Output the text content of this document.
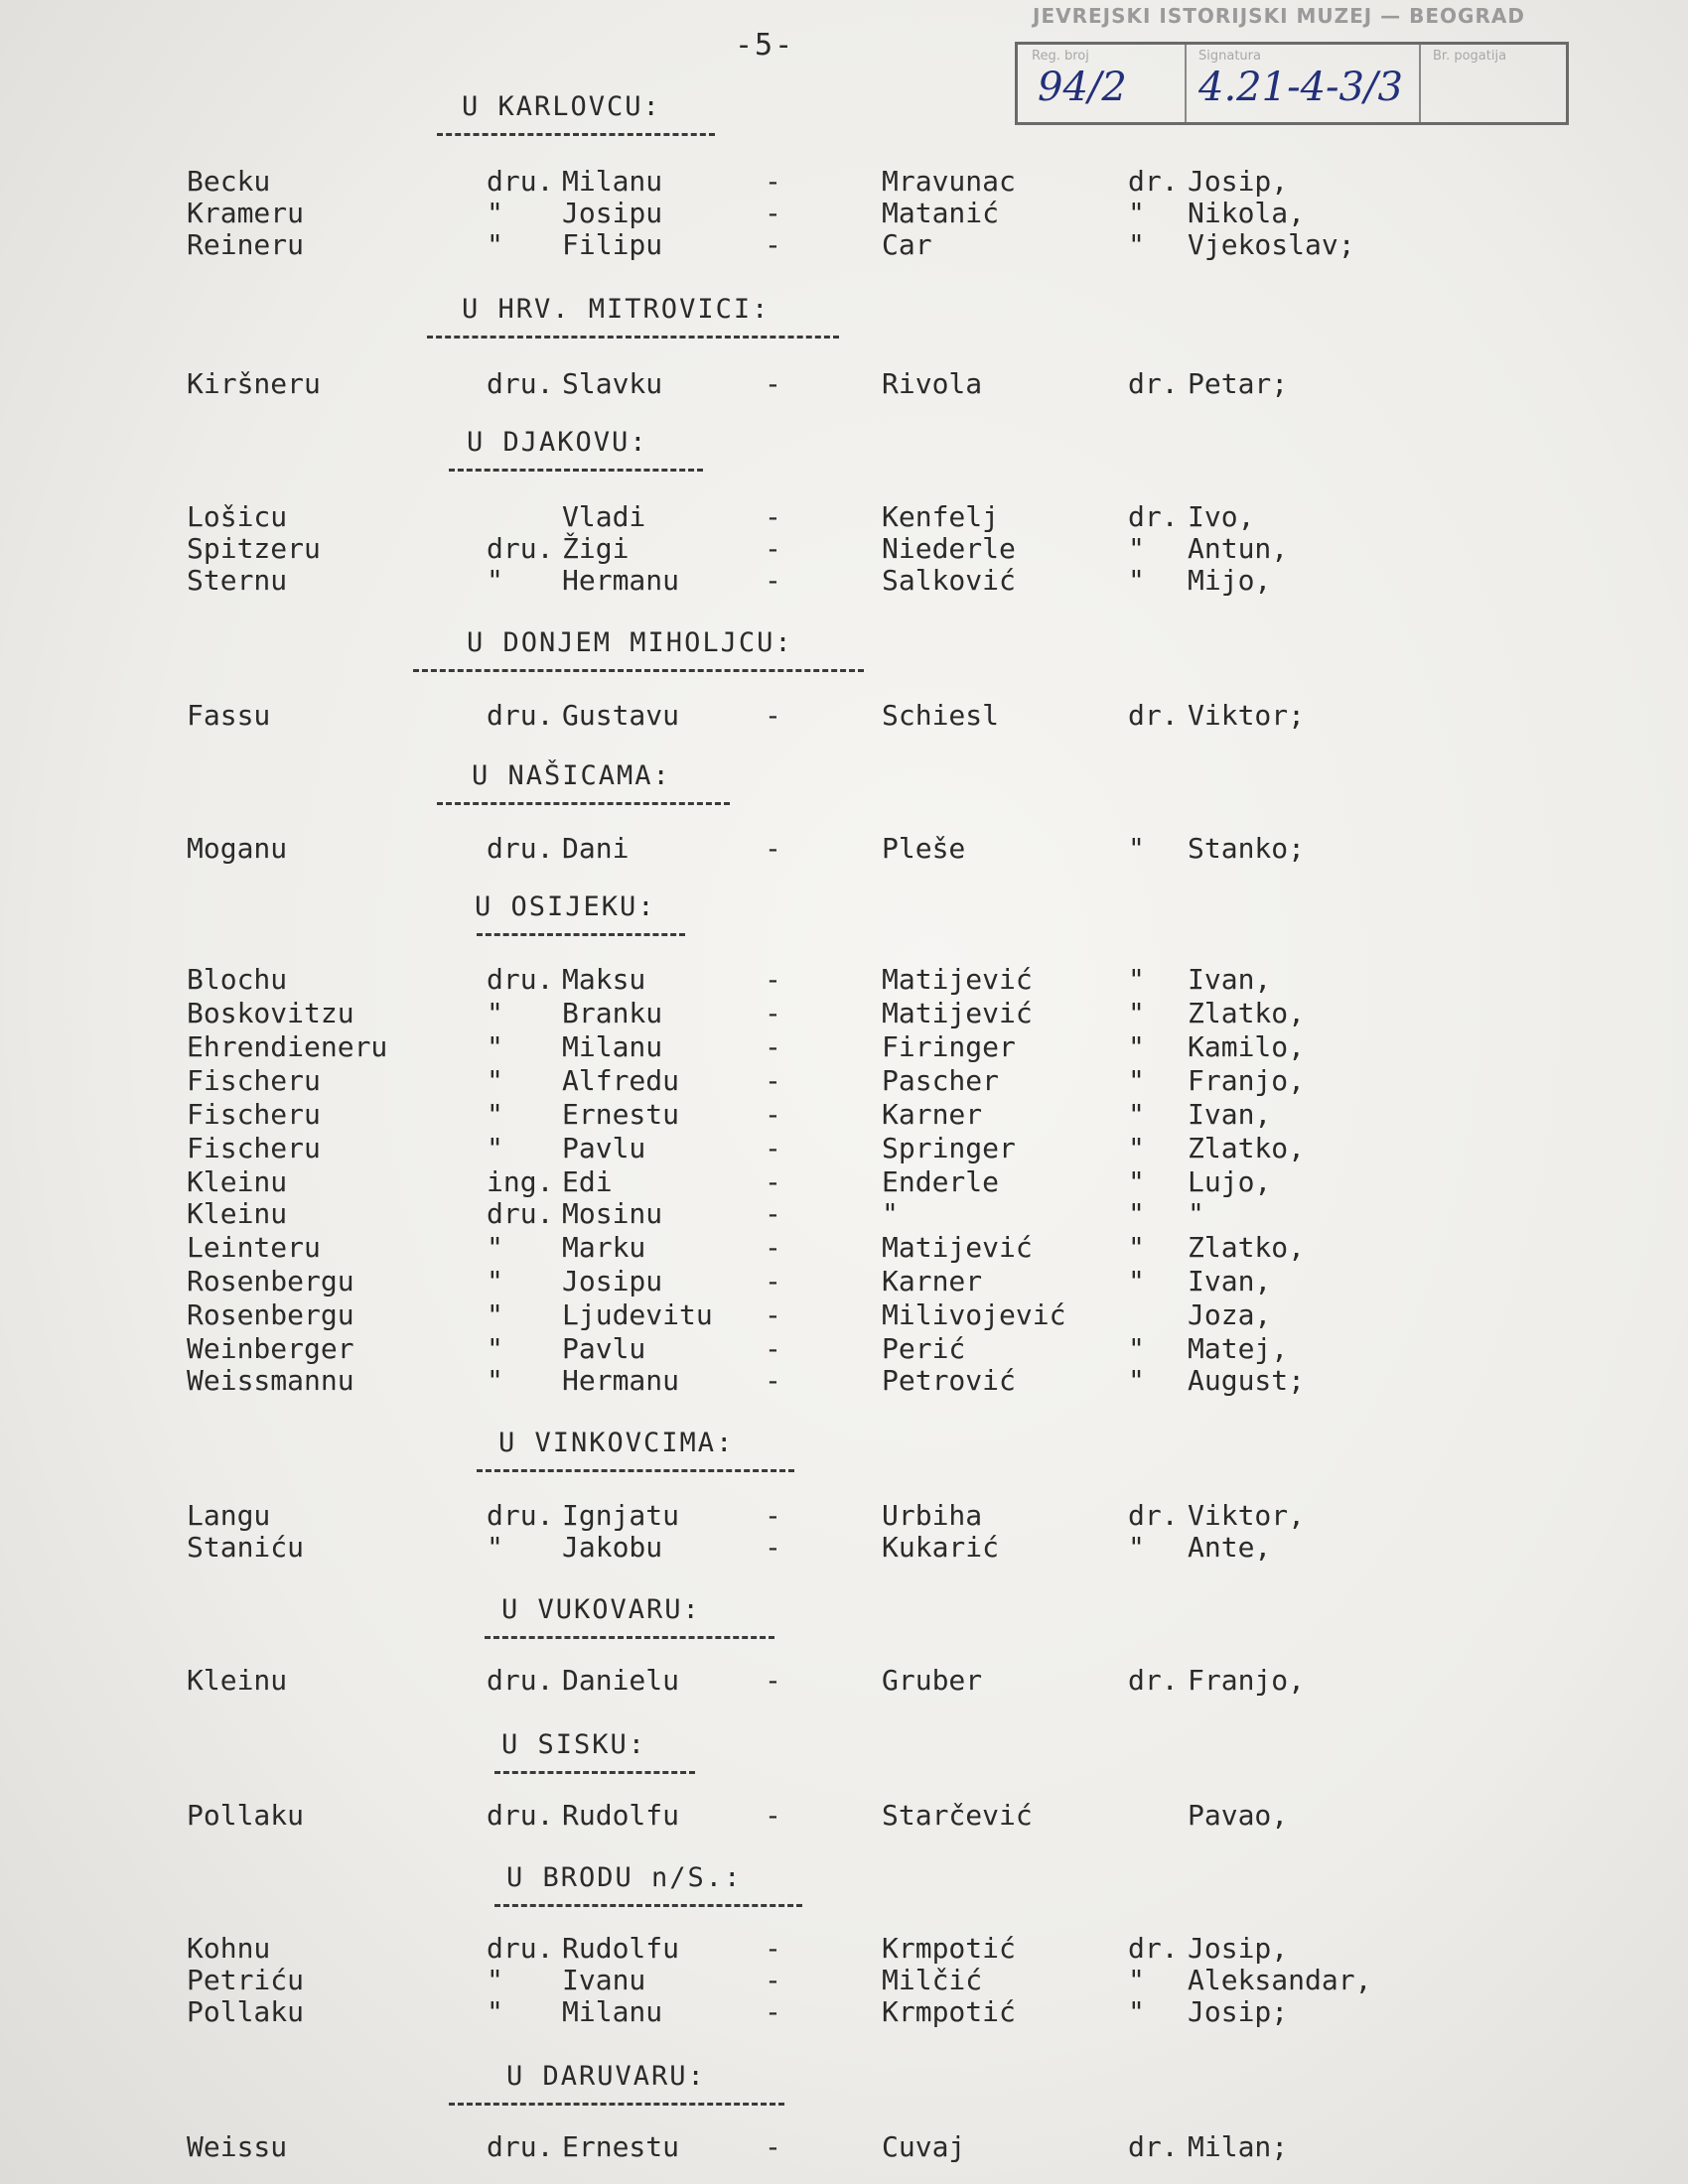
-5-
JEVREJSKI ISTORIJSKI MUZEJ — BEOGRAD
Reg. broj
94/2
Signatura
4.21-4-3/3
Br. pogatija
U KARLOVCU:
Becku	dru. Milanu	-	Mravunac	dr. Josip,
Krameru	" Josipu	-	Matanić	" Nikola,
Reineru	" Filipu	-	Car	" Vjekoslav;
U HRV. MITROVICI:
Kiršneru	dru. Slavku	-	Rivola	dr. Petar;
U DJAKOVU:
Lošicu	Vladi	-	Kenfelj	dr. Ivo,
Spitzeru	dru. Žigi	-	Niederle	" Antun,
Sternu	" Hermanu	-	Salković	" Mijo,
U DONJEM MIHOLJCU:
Fassu	dru. Gustavu	-	Schiesl	dr. Viktor;
U NAŠICAMA:
Moganu	dru. Dani	-	Pleše	" Stanko;
U OSIJEKU:
Blochu	dru. Maksu	-	Matijević	" Ivan,
Boskovitzu	" Branku	-	Matijević	" Zlatko,
Ehrendieneru	" Milanu	-	Firinger	" Kamilo,
Fischeru	" Alfredu	-	Pascher	" Franjo,
Fischeru	" Ernestu	-	Karner	" Ivan,
Fischeru	" Pavlu	-	Springer	" Zlatko,
Kleinu	ing. Edi	-	Enderle	" Lujo,
Kleinu	dru. Mosinu	-	"	" "
Leinteru	" Marku	-	Matijević	" Zlatko,
Rosenbergu	" Josipu	-	Karner	" Ivan,
Rosenbergu	" Ljudevitu -	Milivojević	Joza,
Weinberger	" Pavlu	-	Perić	" Matej,
Weissmannu	" Hermanu	-	Petrović	" August;
U VINKOVCIMA:
Langu	dru. Ignjatu	-	Urbiha	dr. Viktor,
Staniću	" Jakobu	-	Kukarić	" Ante,
U VUKOVARU:
Kleinu	dru. Danielu	-	Gruber	dr. Franjo,
U SISKU:
Pollaku	dru. Rudolfu	-	Starčević	Pavao,
U BRODU n/S.:
Kohnu	dru. Rudolfu	-	Krmpotić	dr. Josip,
Petriću	" Ivanu	-	Milčić	" Aleksandar,
Pollaku	" Milanu	-	Krmpotić	" Josip;
U DARUVARU:
Weissu	dru. Ernestu	-	Cuvaj	dr. Milan;
